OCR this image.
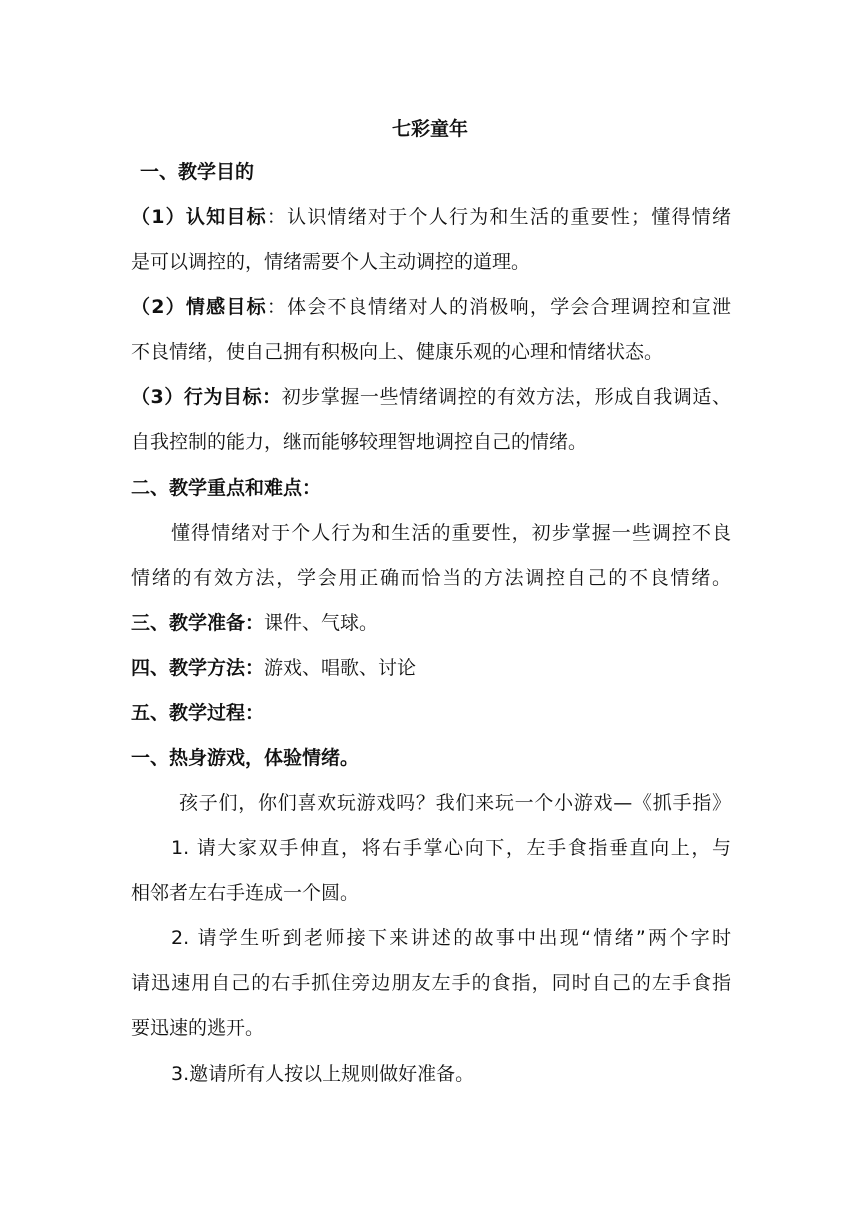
七彩童年
一、教学目的
（1）认知目标：认识情绪对于个人行为和生活的重要性；懂得情绪
是可以调控的，情绪需要个人主动调控的道理。
（2）情感目标：体会不良情绪对人的消极响，学会合理调控和宣泄
不良情绪，使自己拥有积极向上、健康乐观的心理和情绪状态。
（3）行为目标：初步掌握一些情绪调控的有效方法，形成自我调适、
自我控制的能力，继而能够较理智地调控自己的情绪。
二、教学重点和难点：
懂得情绪对于个人行为和生活的重要性，初步掌握一些调控不良
情绪的有效方法，学会用正确而恰当的方法调控自己的不良情绪。
三、教学准备：课件、气球。
四、教学方法：游戏、唱歌、讨论
五、教学过程：
一、热身游戏，体验情绪。
孩子们，你们喜欢玩游戏吗？我们来玩一个小游戏—《抓手指》
1. 请大家双手伸直，将右手掌心向下，左手食指垂直向上，与
相邻者左右手连成一个圆。
2. 请学生听到老师接下来讲述的故事中出现“情绪”两个字时
请迅速用自己的右手抓住旁边朋友左手的食指，同时自己的左手食指
要迅速的逃开。
3.邀请所有人按以上规则做好准备。
